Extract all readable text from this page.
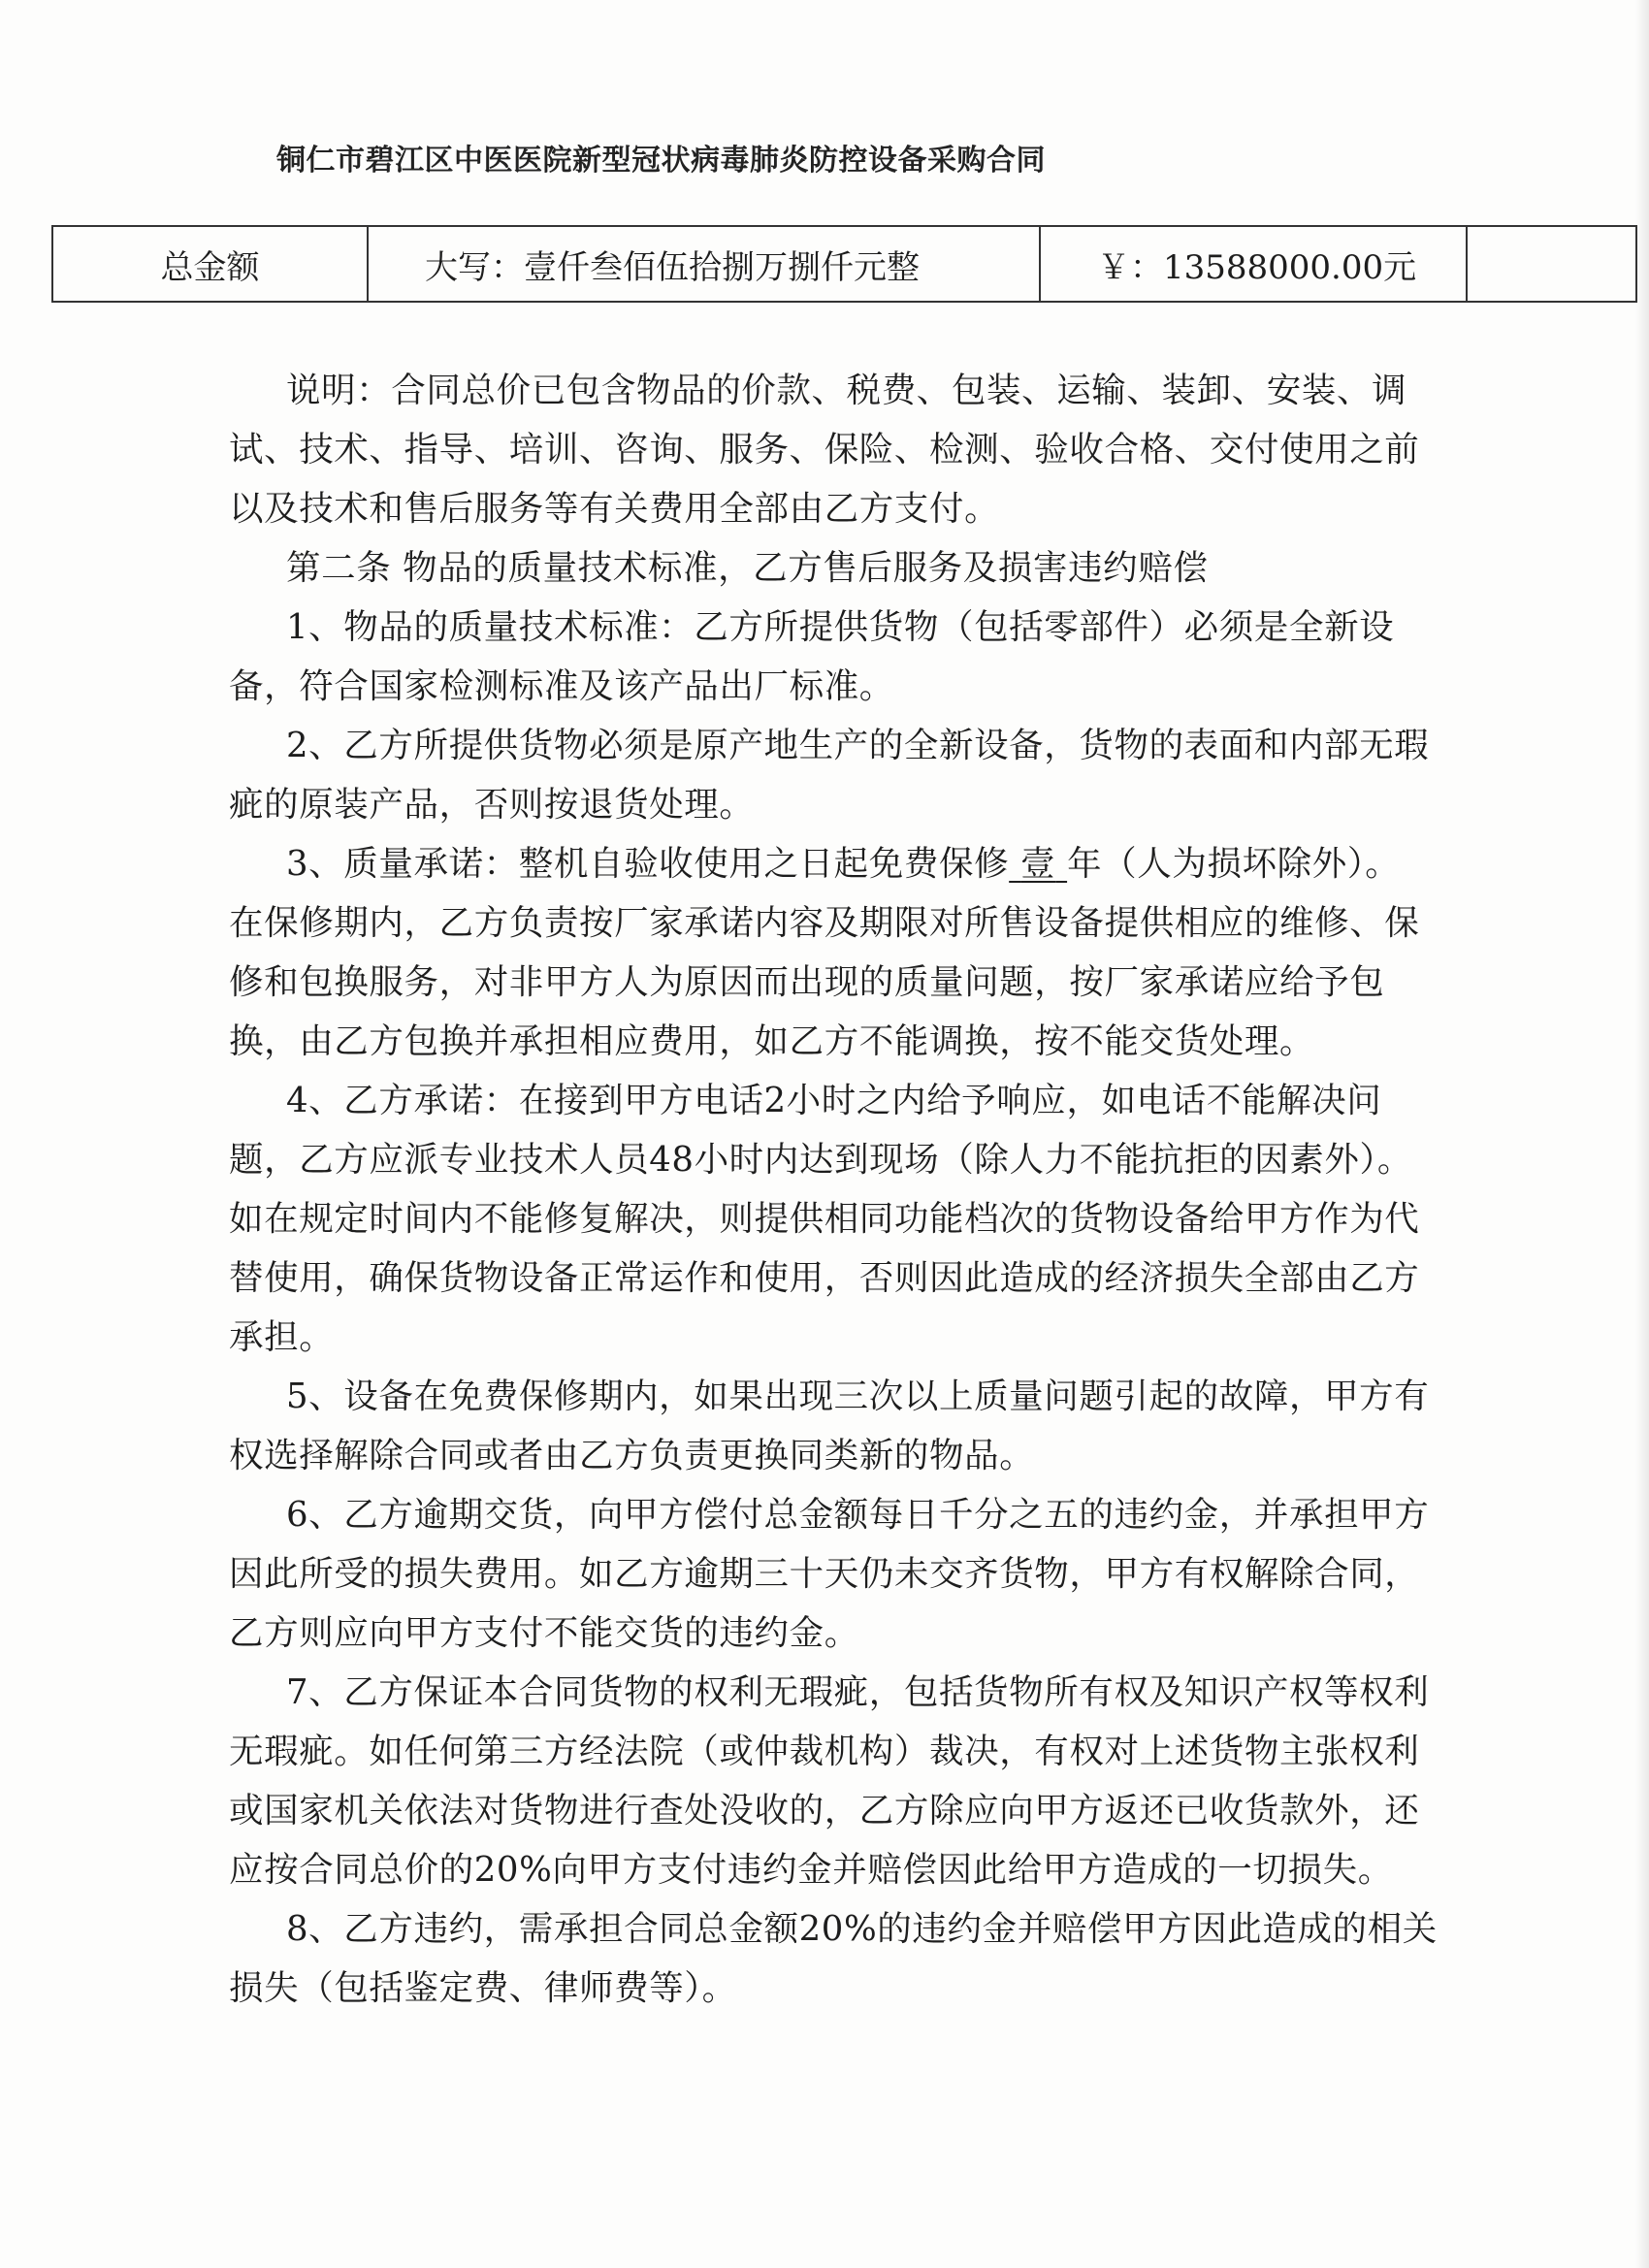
铜仁市碧江区中医医院新型冠状病毒肺炎防控设备采购合同
总金额	大写：壹仟叁佰伍拾捌万捌仟元整	￥：13588000.00元	
说明：合同总价已包含物品的价款、税费、包装、运输、装卸、安装、调
试、技术、指导、培训、咨询、服务、保险、检测、验收合格、交付使用之前
以及技术和售后服务等有关费用全部由乙方支付。
第二条 物品的质量技术标准，乙方售后服务及损害违约赔偿
1、物品的质量技术标准：乙方所提供货物（包括零部件）必须是全新设
备，符合国家检测标准及该产品出厂标准。
2、乙方所提供货物必须是原产地生产的全新设备，货物的表面和内部无瑕
疵的原装产品，否则按退货处理。
3、质量承诺：整机自验收使用之日起免费保修 壹 年（人为损坏除外）。
在保修期内，乙方负责按厂家承诺内容及期限对所售设备提供相应的维修、保
修和包换服务，对非甲方人为原因而出现的质量问题，按厂家承诺应给予包
换，由乙方包换并承担相应费用，如乙方不能调换，按不能交货处理。
4、乙方承诺：在接到甲方电话2小时之内给予响应，如电话不能解决问
题，乙方应派专业技术人员48小时内达到现场（除人力不能抗拒的因素外）。
如在规定时间内不能修复解决，则提供相同功能档次的货物设备给甲方作为代
替使用，确保货物设备正常运作和使用，否则因此造成的经济损失全部由乙方
承担。
5、设备在免费保修期内，如果出现三次以上质量问题引起的故障，甲方有
权选择解除合同或者由乙方负责更换同类新的物品。
6、乙方逾期交货，向甲方偿付总金额每日千分之五的违约金，并承担甲方
因此所受的损失费用。如乙方逾期三十天仍未交齐货物，甲方有权解除合同，
乙方则应向甲方支付不能交货的违约金。
7、乙方保证本合同货物的权利无瑕疵，包括货物所有权及知识产权等权利
无瑕疵。如任何第三方经法院（或仲裁机构）裁决，有权对上述货物主张权利
或国家机关依法对货物进行查处没收的，乙方除应向甲方返还已收货款外，还
应按合同总价的20%向甲方支付违约金并赔偿因此给甲方造成的一切损失。
8、乙方违约，需承担合同总金额20%的违约金并赔偿甲方因此造成的相关
损失（包括鉴定费、律师费等）。
